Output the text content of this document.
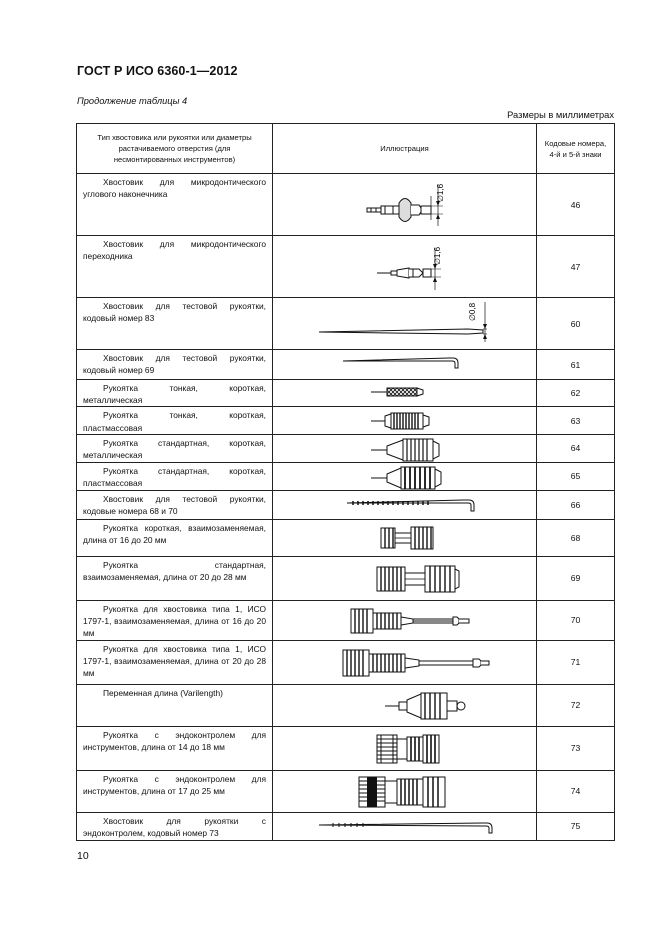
ГОСТ Р ИСО 6360-1—2012
Продолжение таблицы 4
Размеры в миллиметрах
Тип хвостовика или рукоятки или диаметры растачиваемого отверстия (для несмонтированных инструментов)	Иллюстрация	Кодовые номера, 4-й и 5-й знаки

Хвостовик для микродонтического углового наконечника	∅1,6	46

Хвостовик для микродонтического переходника	∅1,6	47

Хвостовик для тестовой рукоятки, кодовый номер 83	∅0,8	60

Хвостовик для тестовой рукоятки, кодовый номер 69		61

Рукоятка тонкая, короткая, металлическая		62

Рукоятка тонкая, короткая, пластмассовая		63

Рукоятка стандартная, короткая, металлическая		64

Рукоятка стандартная, короткая, пластмассовая		65

Хвостовик для тестовой рукоятки, кодовые номера 68 и 70		66

Рукоятка короткая, взаимозаменяемая, длина от 16 до 20 мм		68

Рукоятка стандартная, взаимозаменяемая, длина от 20 до 28 мм		69

Рукоятка для хвостовика типа 1, ИСО 1797-1, взаимозаменяемая, длина от 16 до 20 мм		70

Рукоятка для хвостовика типа 1, ИСО 1797-1, взаимозаменяемая, длина от 20 до 28 мм		71

Переменная длина (Varilength)		72

Рукоятка с эндоконтролем для инструментов, длина от 14 до 18 мм		73

Рукоятка с эндоконтролем для инструментов, длина от 17 до 25 мм		74

Хвостовик для рукоятки с эндоконтролем, кодовый номер 73		75
10
